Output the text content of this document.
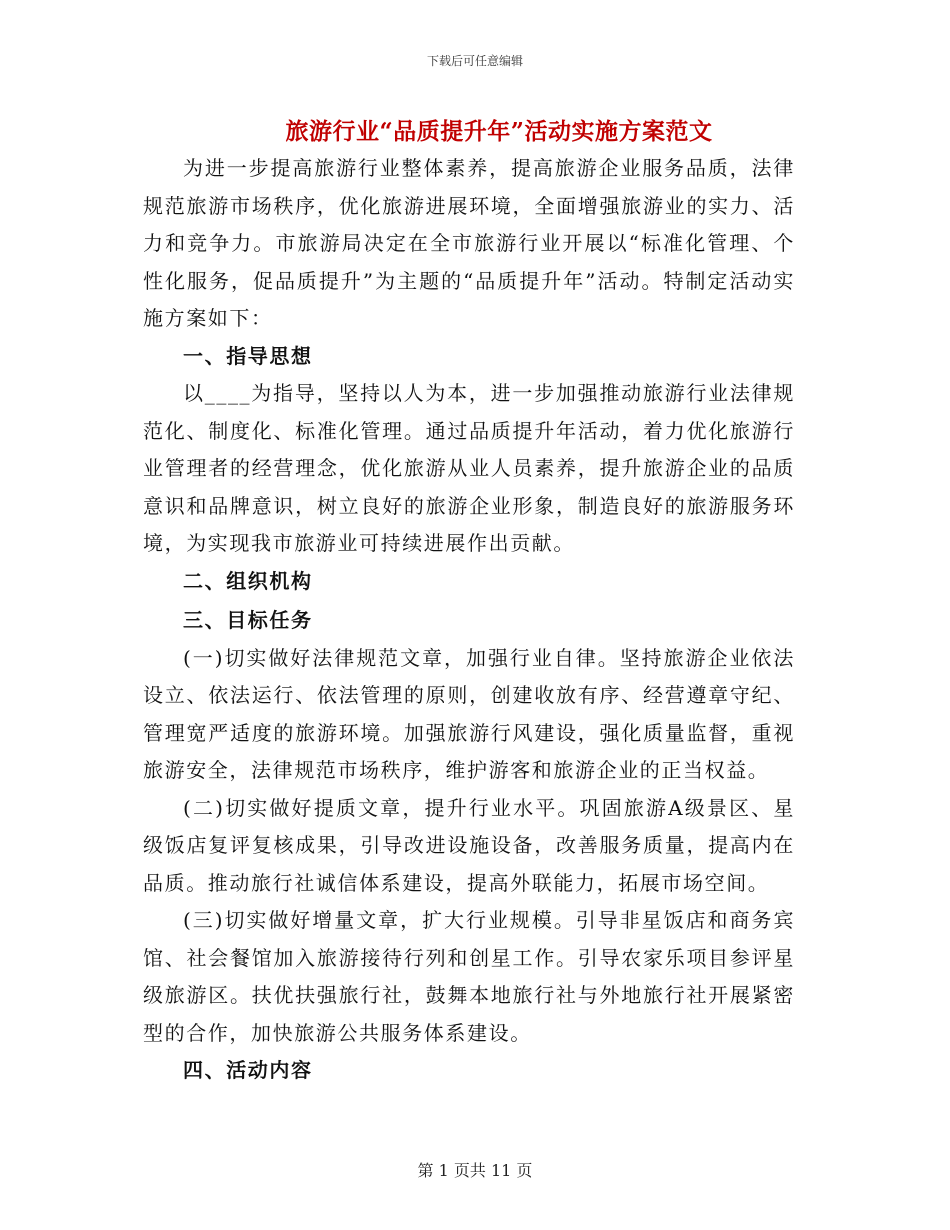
下载后可任意编辑
旅游行业“品质提升年”活动实施方案范文

为进一步提高旅游行业整体素养，提高旅游企业服务品质，法律规范旅游市场秩序，优化旅游进展环境，全面增强旅游业的实力、活力和竞争力。市旅游局决定在全市旅游行业开展以“标准化管理、个性化服务，促品质提升”为主题的“品质提升年”活动。特制定活动实施方案如下：

一、指导思想

以____为指导，坚持以人为本，进一步加强推动旅游行业法律规范化、制度化、标准化管理。通过品质提升年活动，着力优化旅游行业管理者的经营理念，优化旅游从业人员素养，提升旅游企业的品质意识和品牌意识，树立良好的旅游企业形象，制造良好的旅游服务环境，为实现我市旅游业可持续进展作出贡献。

二、组织机构

三、目标任务

(一)切实做好法律规范文章，加强行业自律。坚持旅游企业依法设立、依法运行、依法管理的原则，创建收放有序、经营遵章守纪、管理宽严适度的旅游环境。加强旅游行风建设，强化质量监督，重视旅游安全，法律规范市场秩序，维护游客和旅游企业的正当权益。

(二)切实做好提质文章，提升行业水平。巩固旅游A级景区、星级饭店复评复核成果，引导改进设施设备，改善服务质量，提高内在品质。推动旅行社诚信体系建设，提高外联能力，拓展市场空间。

(三)切实做好增量文章，扩大行业规模。引导非星饭店和商务宾馆、社会餐馆加入旅游接待行列和创星工作。引导农家乐项目参评星级旅游区。扶优扶强旅行社，鼓舞本地旅行社与外地旅行社开展紧密型的合作，加快旅游公共服务体系建设。

四、活动内容

第 1 页共 11 页
